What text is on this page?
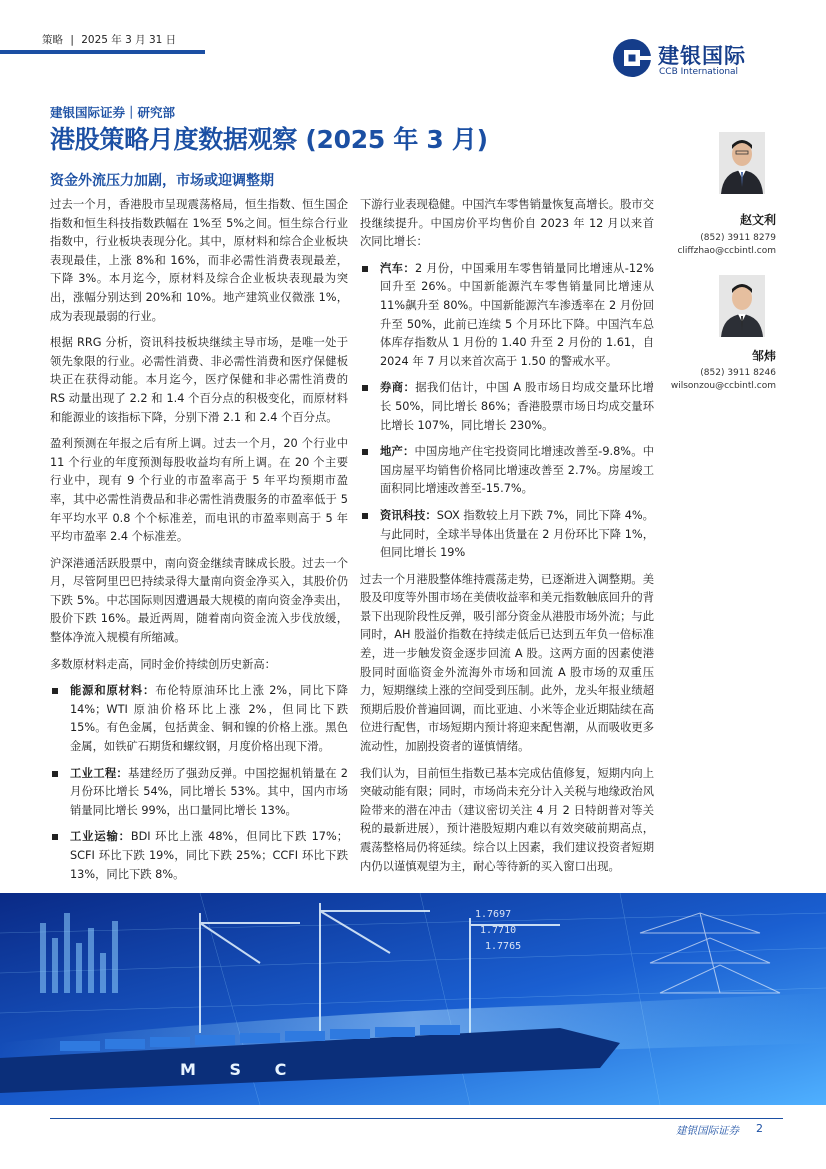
策略 | 2025 年 3 月 31 日
建银国际
CCB International
建银国际证券｜研究部
港股策略月度数据观察 (2025 年 3 月)
资金外流压力加剧，市场或迎调整期
赵文利
(852) 3911 8279
cliffzhao@ccbintl.com
邹炜
(852) 3911 8246
wilsonzou@ccbintl.com

过去一个月，香港股市呈现震荡格局，恒生指数、恒生国企指数和恒生科技指数跌幅在 1%至 5%之间。恒生综合行业指数中，行业板块表现分化。其中，原材料和综合企业板块表现最佳，上涨 8%和 16%，而非必需性消费表现最差，下降 3%。本月迄今，原材料及综合企业板块表现最为突出，涨幅分别达到 20%和 10%。地产建筑业仅微涨 1%，成为表现最弱的行业。

根据 RRG 分析，资讯科技板块继续主导市场，是唯一处于领先象限的行业。必需性消费、非必需性消费和医疗保健板块正在获得动能。本月迄今，医疗保健和非必需性消费的 RS 动量出现了 2.2 和 1.4 个百分点的积极变化，而原材料和能源业的该指标下降，分别下滑 2.1 和 2.4 个百分点。

盈利预测在年报之后有所上调。过去一个月，20 个行业中 11 个行业的年度预测每股收益均有所上调。在 20 个主要行业中，现有 9 个行业的市盈率高于 5 年平均预期市盈率，其中必需性消费品和非必需性消费服务的市盈率低于 5 年平均水平 0.8 个个标准差，而电讯的市盈率则高于 5 年平均市盈率 2.4 个标准差。

沪深港通活跃股票中，南向资金继续青睐成长股。过去一个月，尽管阿里巴巴持续录得大量南向资金净买入，其股价仍下跌 5%。中芯国际则因遭遇最大规模的南向资金净卖出，股价下跌 16%。最近两周，随着南向资金流入步伐放缓，整体净流入规模有所缩减。

多数原材料走高，同时金价持续创历史新高：

能源和原材料：布伦特原油环比上涨 2%，同比下降 14%；WTI 原油价格环比上涨 2%，但同比下跌 15%。有色金属，包括黄金、铜和镍的价格上涨。黑色金属，如铁矿石期货和螺纹钢，月度价格出现下滑。
工业工程：基建经历了强劲反弹。中国挖掘机销量在 2 月份环比增长 54%，同比增长 53%。其中，国内市场销量同比增长 99%，出口量同比增长 13%。
工业运输：BDI 环比上涨 48%，但同比下跌 17%；SCFI 环比下跌 19%，同比下跌 25%；CCFI 环比下跌 13%，同比下跌 8%。

下游行业表现稳健。中国汽车零售销量恢复高增长。股市交投继续提升。中国房价平均售价自 2023 年 12 月以来首次同比增长：

汽车：2 月份，中国乘用车零售销量同比增速从-12%回升至 26%。中国新能源汽车零售销量同比增速从 11%飙升至 80%。中国新能源汽车渗透率在 2 月份回升至 50%，此前已连续 5 个月环比下降。中国汽车总体库存指数从 1 月份的 1.40 升至 2 月份的 1.61，自 2024 年 7 月以来首次高于 1.50 的警戒水平。
券商：据我们估计，中国 A 股市场日均成交量环比增长 50%，同比增长 86%；香港股票市场日均成交量环比增长 107%，同比增长 230%。
地产：中国房地产住宅投资同比增速改善至-9.8%。中国房屋平均销售价格同比增速改善至 2.7%。房屋竣工面积同比增速改善至-15.7%。
资讯科技：SOX 指数较上月下跌 7%，同比下降 4%。与此同时，全球半导体出货量在 2 月份环比下降 1%，但同比增长 19%

过去一个月港股整体维持震荡走势，已逐渐进入调整期。美股及印度等外围市场在美债收益率和美元指数触底回升的背景下出现阶段性反弹，吸引部分资金从港股市场外流；与此同时，AH 股溢价指数在持续走低后已达到五年负一倍标准差，进一步触发资金逐步回流 A 股。这两方面的因素使港股同时面临资金外流海外市场和回流 A 股市场的双重压力，短期继续上涨的空间受到压制。此外，龙头年报业绩超预期后股价普遍回调，而比亚迪、小米等企业近期陆续在高位进行配售，市场短期内预计将迎来配售潮，从而吸收更多流动性，加剧投资者的谨慎情绪。

我们认为，目前恒生指数已基本完成估值修复，短期内向上突破动能有限；同时，市场尚未充分计入关税与地缘政治风险带来的潜在冲击（建议密切关注 4 月 2 日特朗普对等关税的最新进展），预计港股短期内难以有效突破前期高点，震荡整格局仍将延续。综合以上因素，我们建议投资者短期内仍以谨慎观望为主，耐心等待新的买入窗口出现。

M S C
1.7697
1.7710
1.7765
建银国际证券 2
